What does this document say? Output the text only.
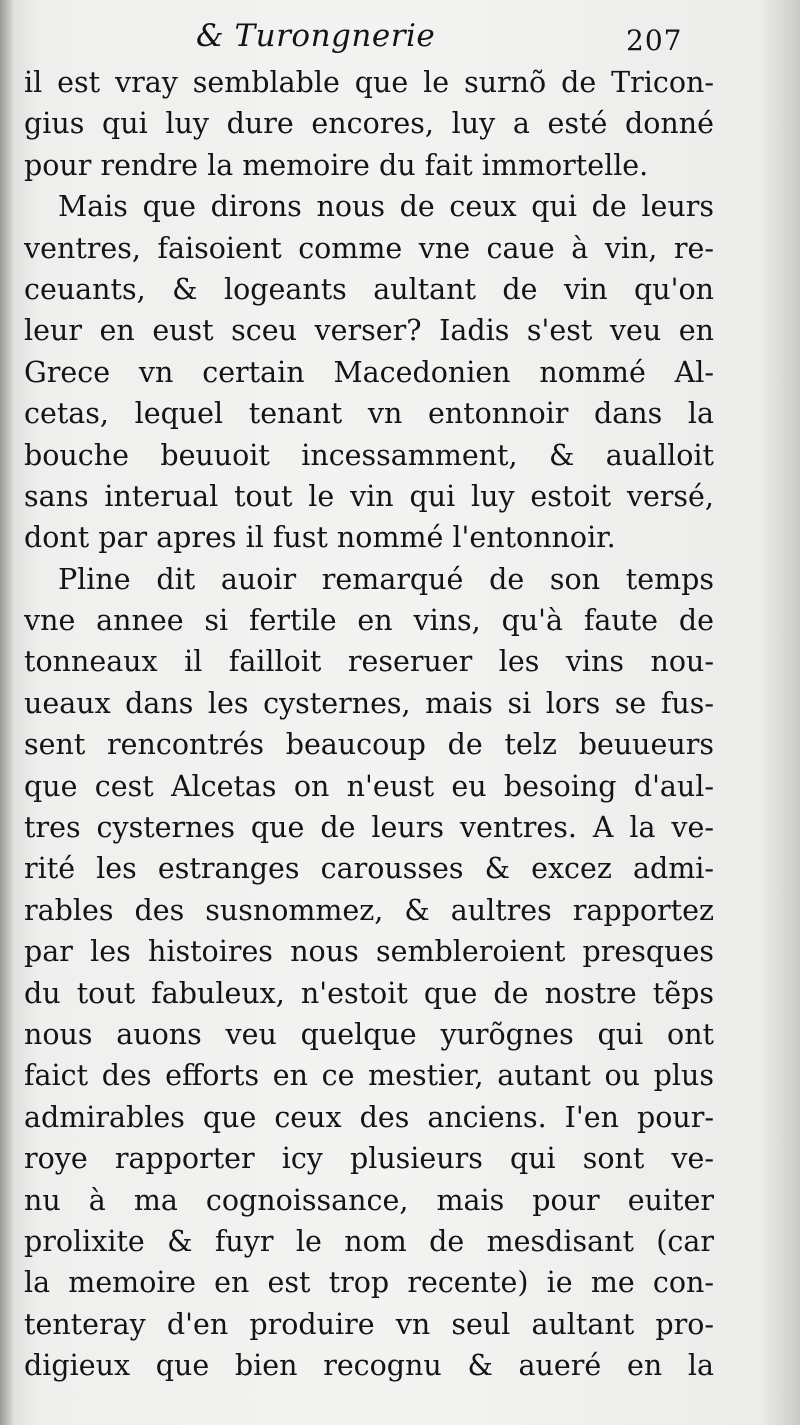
& Turongnerie	207
il est vray semblable que le surnõ de Tricon-
gius qui luy dure encores, luy a esté donné
pour rendre la memoire du fait immortelle.
Mais que dirons nous de ceux qui de leurs
ventres, faisoient comme vne caue à vin, re-
ceuants, & logeants aultant de vin qu'on
leur en eust sceu verser? Iadis s'est veu en
Grece vn certain Macedonien nommé Al-
cetas, lequel tenant vn entonnoir dans la
bouche beuuoit incessamment, & aualloit
sans interual tout le vin qui luy estoit versé,
dont par apres il fust nommé l'entonnoir.
Pline dit auoir remarqué de son temps
vne annee si fertile en vins, qu'à faute de
tonneaux il failloit reseruer les vins nou-
ueaux dans les cysternes, mais si lors se fus-
sent rencontrés beaucoup de telz beuueurs
que cest Alcetas on n'eust eu besoing d'aul-
tres cysternes que de leurs ventres. A la ve-
rité les estranges carousses & excez admi-
rables des susnommez, & aultres rapportez
par les histoires nous sembleroient presques
du tout fabuleux, n'estoit que de nostre tẽps
nous auons veu quelque yurõgnes qui ont
faict des efforts en ce mestier, autant ou plus
admirables que ceux des anciens. I'en pour-
roye rapporter icy plusieurs qui sont ve-
nu à ma cognoissance, mais pour euiter
prolixite & fuyr le nom de mesdisant (car
la memoire en est trop recente) ie me con-
tenteray d'en produire vn seul aultant pro-
digieux que bien recognu & aueré en la
